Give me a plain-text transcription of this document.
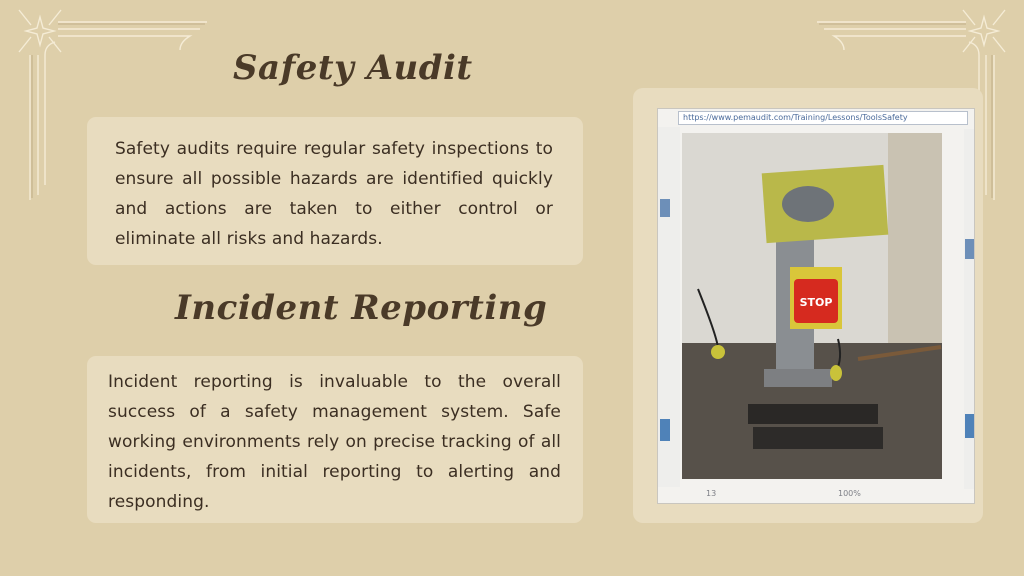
Safety Audit

Safety audits require regular safety inspections to ensure all possible hazards are identified quickly and actions are taken to either control or eliminate all risks and hazards.

Incident Reporting

Incident reporting is invaluable to the overall success of a safety management system. Safe working environments rely on precise tracking of all incidents, from initial reporting to alerting and responding.

https://www.pemaudit.com/Training/Lessons/ToolsSafety
STOP
13	100%
